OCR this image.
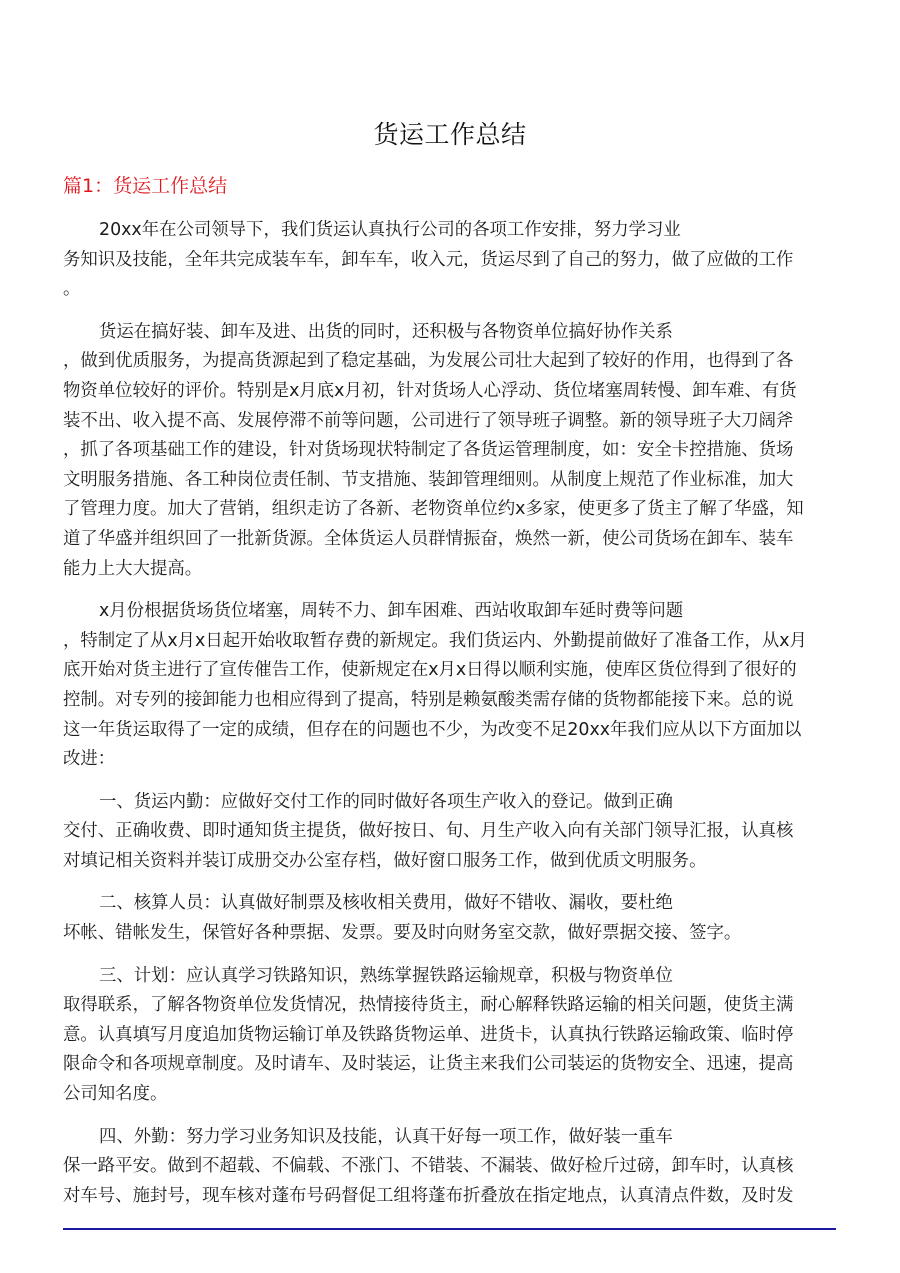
货运工作总结
篇1：货运工作总结

20xx年在公司领导下，我们货运认真执行公司的各项工作安排，努力学习业
务知识及技能，全年共完成装车车，卸车车，收入元，货运尽到了自己的努力，做了应做的工作
。

货运在搞好装、卸车及进、出货的同时，还积极与各物资单位搞好协作关系
，做到优质服务，为提高货源起到了稳定基础，为发展公司壮大起到了较好的作用，也得到了各
物资单位较好的评价。特别是x月底x月初，针对货场人心浮动、货位堵塞周转慢、卸车难、有货
装不出、收入提不高、发展停滞不前等问题，公司进行了领导班子调整。新的领导班子大刀阔斧
，抓了各项基础工作的建设，针对货场现状特制定了各货运管理制度，如：安全卡控措施、货场
文明服务措施、各工种岗位责任制、节支措施、装卸管理细则。从制度上规范了作业标准，加大
了管理力度。加大了营销，组织走访了各新、老物资单位约x多家，使更多了货主了解了华盛，知
道了华盛并组织回了一批新货源。全体货运人员群情振奋，焕然一新，使公司货场在卸车、装车
能力上大大提高。

x月份根据货场货位堵塞，周转不力、卸车困难、西站收取卸车延时费等问题
，特制定了从x月x日起开始收取暂存费的新规定。我们货运内、外勤提前做好了准备工作，从x月
底开始对货主进行了宣传催告工作，使新规定在x月x日得以顺利实施，使库区货位得到了很好的
控制。对专列的接卸能力也相应得到了提高，特别是赖氨酸类需存储的货物都能接下来。总的说
这一年货运取得了一定的成绩，但存在的问题也不少，为改变不足20xx年我们应从以下方面加以
改进：

一、货运内勤：应做好交付工作的同时做好各项生产收入的登记。做到正确
交付、正确收费、即时通知货主提货，做好按日、旬、月生产收入向有关部门领导汇报，认真核
对填记相关资料并装订成册交办公室存档，做好窗口服务工作，做到优质文明服务。

二、核算人员：认真做好制票及核收相关费用，做好不错收、漏收，要杜绝
坏帐、错帐发生，保管好各种票据、发票。要及时向财务室交款，做好票据交接、签字。

三、计划：应认真学习铁路知识，熟练掌握铁路运输规章，积极与物资单位
取得联系，了解各物资单位发货情况，热情接待货主，耐心解释铁路运输的相关问题，使货主满
意。认真填写月度追加货物运输订单及铁路货物运单、进货卡，认真执行铁路运输政策、临时停
限命令和各项规章制度。及时请车、及时装运，让货主来我们公司装运的货物安全、迅速，提高
公司知名度。

四、外勤：努力学习业务知识及技能，认真干好每一项工作，做好装一重车
保一路平安。做到不超载、不偏载、不涨门、不错装、不漏装、做好检斤过磅，卸车时，认真核
对车号、施封号，现车核对蓬布号码督促工组将蓬布折叠放在指定地点，认真清点件数，及时发
